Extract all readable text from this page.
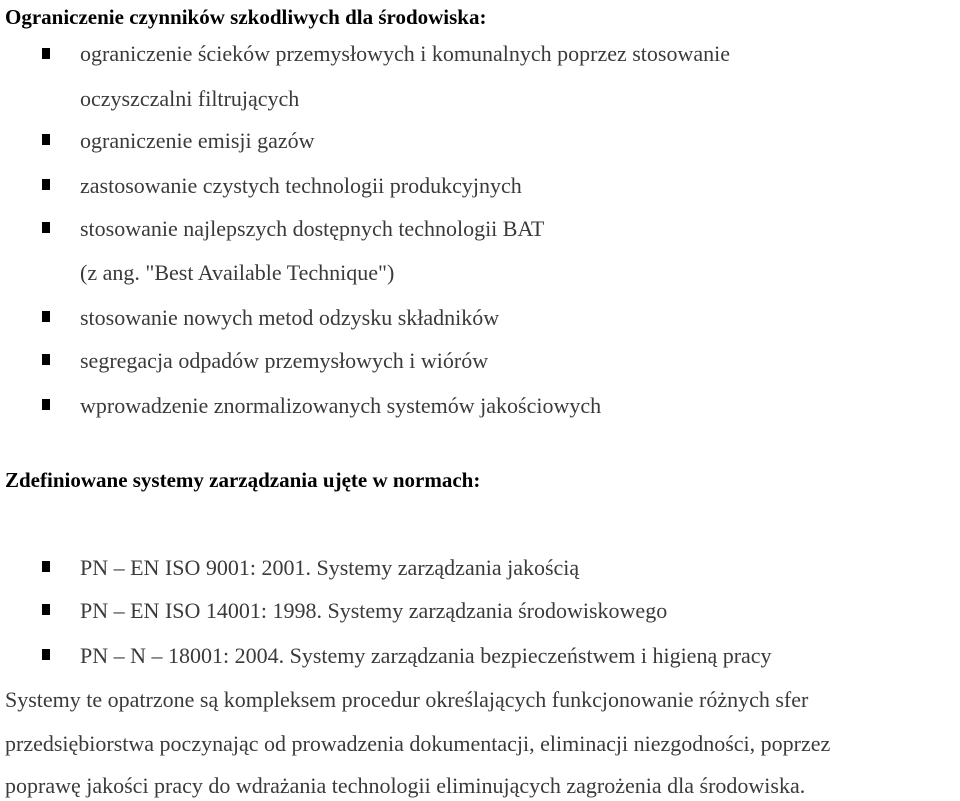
Ograniczenie czynników szkodliwych dla środowiska:
ograniczenie ścieków przemysłowych i komunalnych poprzez stosowanie
oczyszczalni filtrujących
ograniczenie emisji gazów
zastosowanie czystych technologii produkcyjnych
stosowanie najlepszych dostępnych technologii BAT
(z ang. "Best Available Technique")
stosowanie nowych metod odzysku składników
segregacja odpadów przemysłowych i wiórów
wprowadzenie znormalizowanych systemów jakościowych
Zdefiniowane systemy zarządzania ujęte w normach:
PN – EN ISO 9001: 2001. Systemy zarządzania jakością
PN – EN ISO 14001: 1998. Systemy zarządzania środowiskowego
PN – N – 18001: 2004. Systemy zarządzania bezpieczeństwem i higieną pracy
Systemy te opatrzone są kompleksem procedur określających funkcjonowanie różnych sfer
przedsiębiorstwa poczynając od prowadzenia dokumentacji, eliminacji niezgodności, poprzez
poprawę jakości pracy do wdrażania technologii eliminujących zagrożenia dla środowiska.
